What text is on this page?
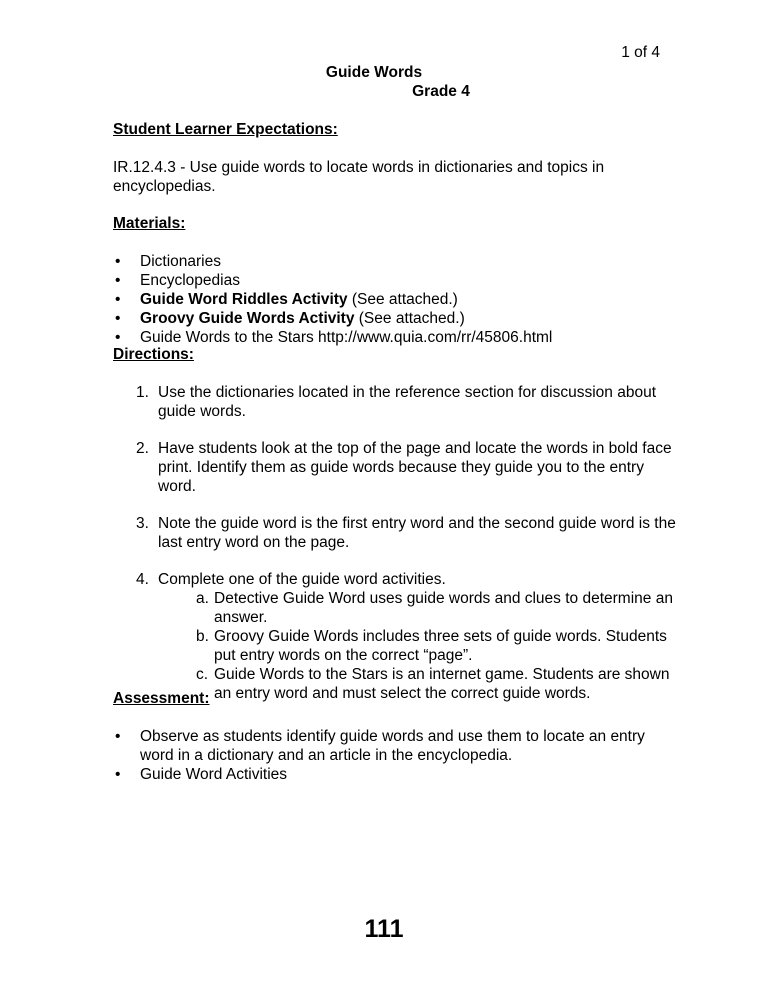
1 of 4
Guide Words
Grade 4
Student Learner Expectations:
IR.12.4.3 - Use guide words to locate words in dictionaries and topics in encyclopedias.
Materials:
• Dictionaries
• Encyclopedias
• Guide Word Riddles Activity (See attached.)
• Groovy Guide Words Activity (See attached.)
• Guide Words to the Stars http://www.quia.com/rr/45806.html
Directions:
1. Use the dictionaries located in the reference section for discussion about guide words.
2. Have students look at the top of the page and locate the words in bold face print. Identify them as guide words because they guide you to the entry word.
3. Note the guide word is the first entry word and the second guide word is the last entry word on the page.
4. Complete one of the guide word activities.
a. Detective Guide Word uses guide words and clues to determine an answer.
b. Groovy Guide Words includes three sets of guide words. Students put entry words on the correct “page”.
c. Guide Words to the Stars is an internet game. Students are shown an entry word and must select the correct guide words.
Assessment:
• Observe as students identify guide words and use them to locate an entry word in a dictionary and an article in the encyclopedia.
• Guide Word Activities
111
